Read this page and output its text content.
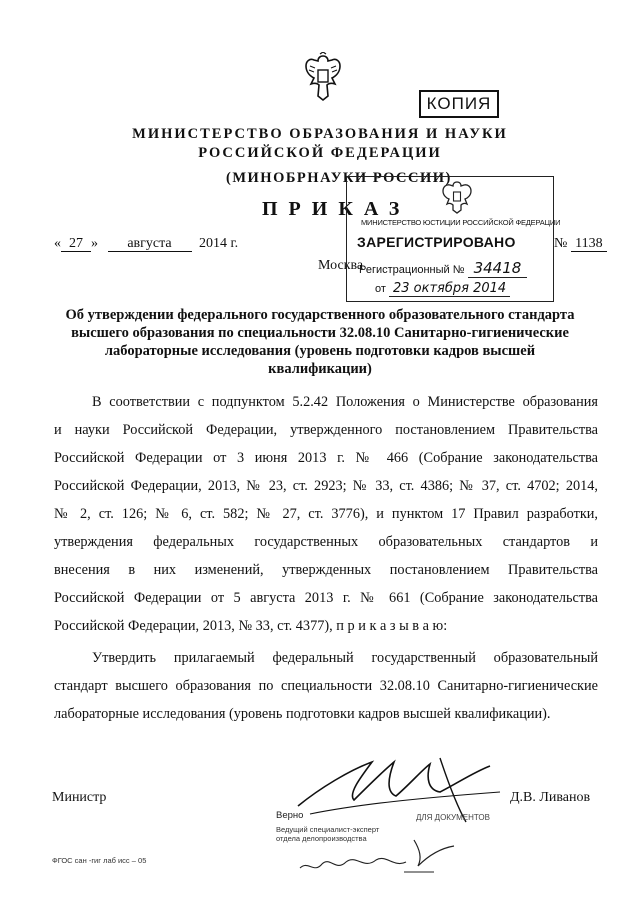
КОПИЯ
МИНИСТЕРСТВО ОБРАЗОВАНИЯ И НАУКИ
РОССИЙСКОЙ ФЕДЕРАЦИИ
(МИНОБРНАУКИ РОССИИ)
ПРИКАЗ
« 27 » августа 2014 г.
Москва
№ 1138
МИНИСТЕРСТВО ЮСТИЦИИ РОССИЙСКОЙ ФЕДЕРАЦИИ
ЗАРЕГИСТРИРОВАНО
Регистрационный № 34418
от 23 октября 2014
Об утверждении федерального государственного образовательного стандарта высшего образования по специальности 32.08.10 Санитарно-гигиенические лабораторные исследования (уровень подготовки кадров высшей квалификации)
В соответствии с подпунктом 5.2.42 Положения о Министерстве образования
и науки Российской Федерации, утвержденного постановлением Правительства
Российской Федерации от 3 июня 2013 г. № 466 (Собрание законодательства
Российской Федерации, 2013, № 23, ст. 2923; № 33, ст. 4386; № 37, ст. 4702; 2014,
№ 2, ст. 126; № 6, ст. 582; № 27, ст. 3776), и пунктом 17 Правил разработки,
утверждения федеральных государственных образовательных стандартов и
внесения в них изменений, утвержденных постановлением Правительства
Российской Федерации от 5 августа 2013 г. № 661 (Собрание законодательства
Российской Федерации, 2013, № 33, ст. 4377), п р и к а з ы в а ю:
Утвердить прилагаемый федеральный государственный образовательный
стандарт высшего образования по специальности 32.08.10 Санитарно-гигиенические
лабораторные исследования (уровень подготовки кадров высшей квалификации).
Министр	Д.В. Ливанов
Верно
Ведущий специалист-эксперт
отдела делопроизводства
ДЛЯ ДОКУМЕНТОВ
ФГОС сан -гиг лаб исс – 05
